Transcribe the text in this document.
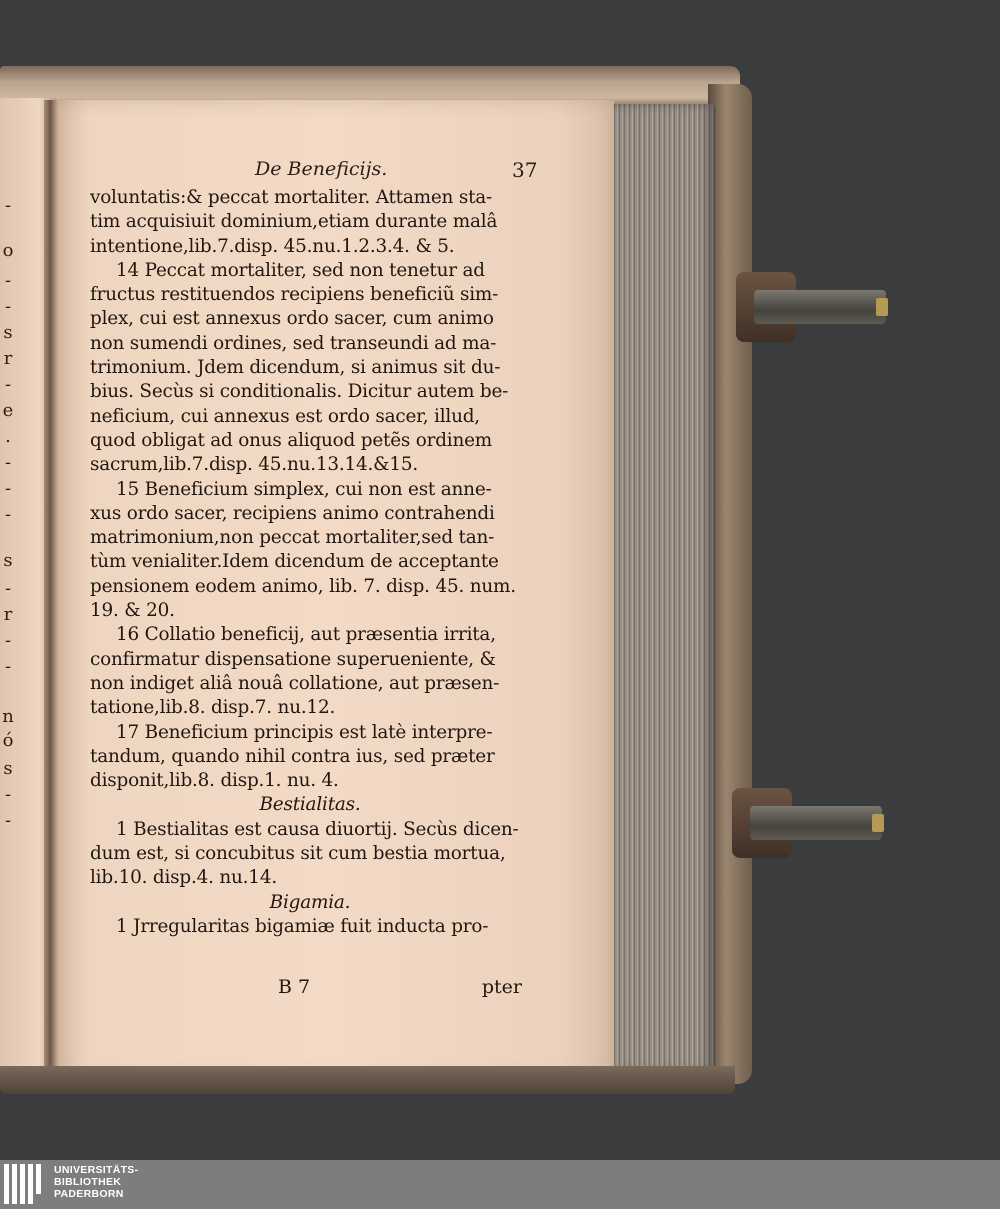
-
o
-
-
s
r
-
e
.
-
-
-
s
-
r
-
-
n
ó
s
-
-
De Beneficijs.	37
voluntatis:& peccat mortaliter. Attamen sta-
tim acquisiuit dominium,etiam durante malâ
intentione,lib.7.disp. 45.nu.1.2.3.4. & 5.
14 Peccat mortaliter, sed non tenetur ad
fructus restituendos recipiens beneficiũ sim-
plex, cui est annexus ordo sacer, cum animo
non sumendi ordines, sed transeundi ad ma-
trimonium. Jdem dicendum, si animus sit du-
bius. Secùs si conditionalis. Dicitur autem be-
neficium, cui annexus est ordo sacer, illud,
quod obligat ad onus aliquod petẽs ordinem
sacrum,lib.7.disp. 45.nu.13.14.&15.
15 Beneficium simplex, cui non est anne-
xus ordo sacer, recipiens animo contrahendi
matrimonium,non peccat mortaliter,sed tan-
tùm venialiter.Idem dicendum de acceptante
pensionem eodem animo, lib. 7. disp. 45. num.
19. & 20.
16 Collatio beneficij, aut præsentia irrita,
confirmatur dispensatione superueniente, &
non indiget aliâ nouâ collatione, aut præsen-
tatione,lib.8. disp.7. nu.12.
17 Beneficium principis est latè interpre-
tandum, quando nihil contra ius, sed præter
disponit,lib.8. disp.1. nu. 4.
Bestialitas.
1 Bestialitas est causa diuortij. Secùs dicen-
dum est, si concubitus sit cum bestia mortua,
lib.10. disp.4. nu.14.
Bigamia.
1 Jrregularitas bigamiæ fuit inducta pro-
B 7	pter
UNIVERSITÄTS-
BIBLIOTHEK
PADERBORN
